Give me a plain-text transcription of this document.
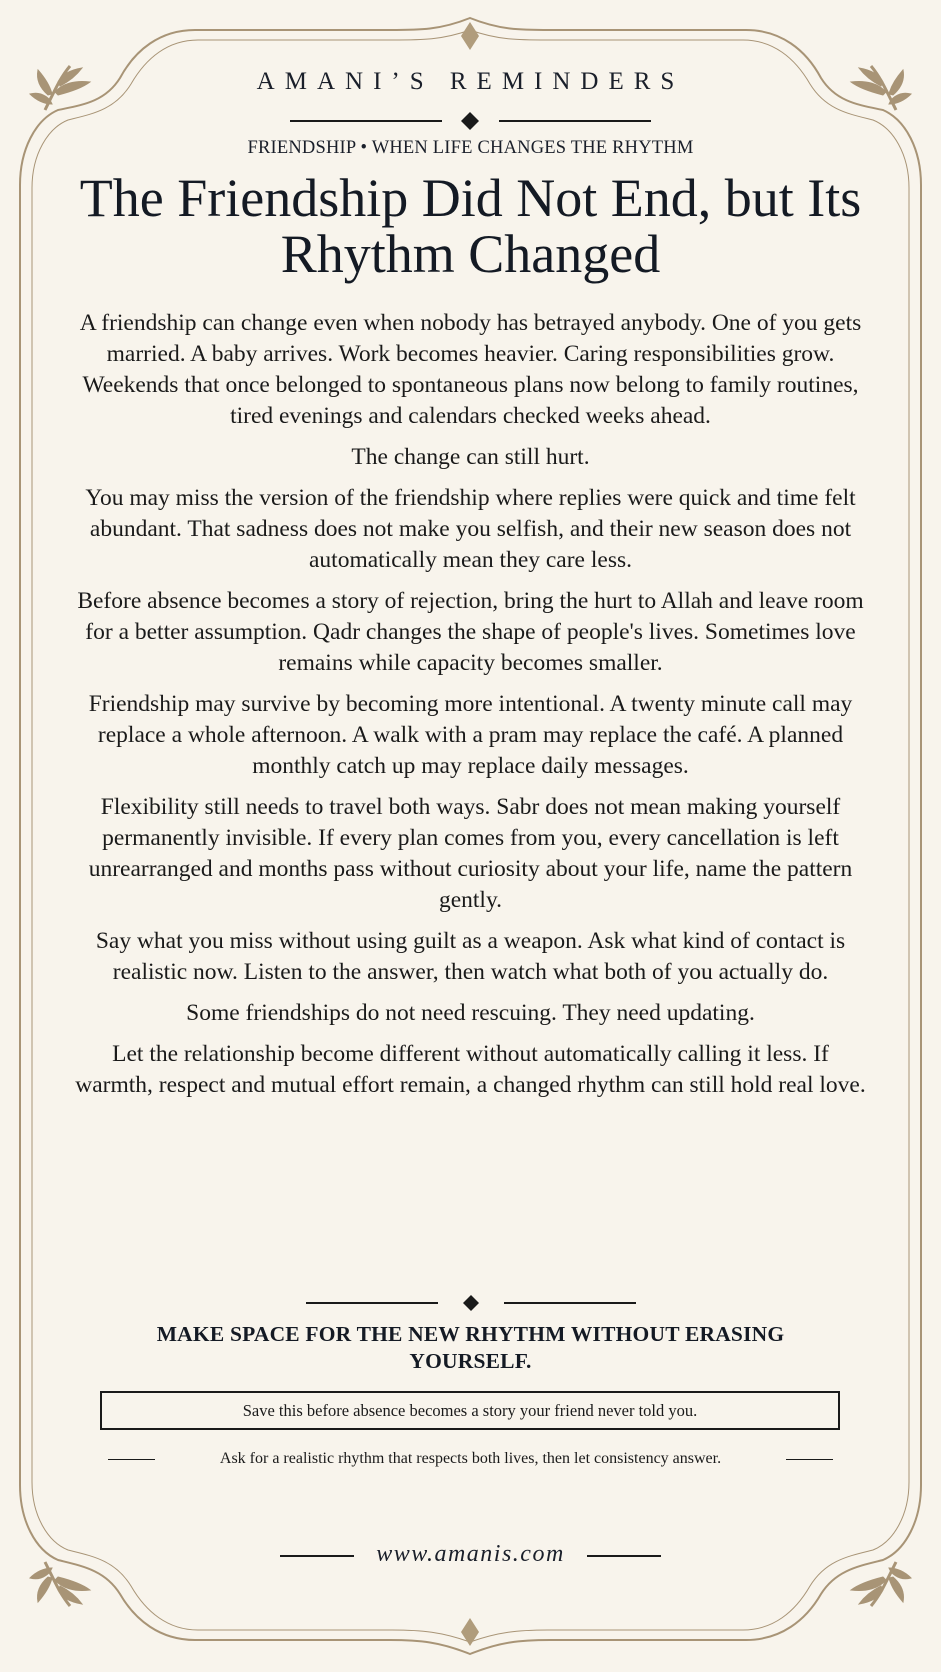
AMANI’S REMINDERS
FRIENDSHIP • WHEN LIFE CHANGES THE RHYTHM
The Friendship Did Not End, but Its Rhythm Changed

A friendship can change even when nobody has betrayed anybody. One of you gets married. A baby arrives. Work becomes heavier. Caring responsibilities grow. Weekends that once belonged to spontaneous plans now belong to family routines, tired evenings and calendars checked weeks ahead.

The change can still hurt.

You may miss the version of the friendship where replies were quick and time felt abundant. That sadness does not make you selfish, and their new season does not automatically mean they care less.

Before absence becomes a story of rejection, bring the hurt to Allah and leave room for a better assumption. Qadr changes the shape of people's lives. Sometimes love remains while capacity becomes smaller.

Friendship may survive by becoming more intentional. A twenty minute call may replace a whole afternoon. A walk with a pram may replace the café. A planned monthly catch up may replace daily messages.

Flexibility still needs to travel both ways. Sabr does not mean making yourself permanently invisible. If every plan comes from you, every cancellation is left unrearranged and months pass without curiosity about your life, name the pattern gently.

Say what you miss without using guilt as a weapon. Ask what kind of contact is realistic now. Listen to the answer, then watch what both of you actually do.

Some friendships do not need rescuing. They need updating.

Let the relationship become different without automatically calling it less. If warmth, respect and mutual effort remain, a changed rhythm can still hold real love.

MAKE SPACE FOR THE NEW RHYTHM WITHOUT ERASING YOURSELF.
Save this before absence becomes a story your friend never told you.
Ask for a realistic rhythm that respects both lives, then let consistency answer.
www.amanis.com
